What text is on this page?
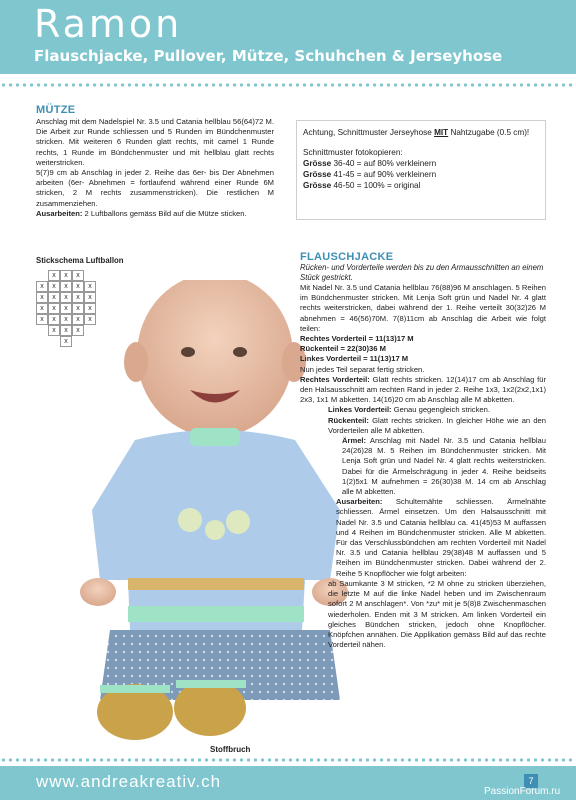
Ramon
Flauschjacke, Pullover, Mütze, Schuhchen & Jerseyhose
MÜTZE
Anschlag mit dem Nadelspiel Nr. 3.5 und Catania hellblau 56(64)72 M. Die Arbeit zur Runde schliessen und 5 Runden im Bündchenmuster stricken. Mit weiteren 6 Runden glatt rechts, mit camel 1 Runde rechts, 1 Runde im Bündchenmuster und mit hellblau glatt rechts weiterstricken.
5(7)9 cm ab Anschlag in jeder 2. Reihe das 6er- bis Der Abnehmen arbeiten (6er- Abnehmen = fortlaufend während einer Runde 6M stricken, 2 M rechts zusammenstricken). Die restlichen M zusammenziehen.
Ausarbeiten: 2 Luftballons gemäss Bild auf die Mütze sticken.
Achtung, Schnittmuster Jerseyhose MIT Nahtzugabe (0.5 cm)!
Schnittmuster fotokopieren:
Grösse 36-40 = auf 80% verkleinern
Grösse 41-45 = auf 90% verkleinern
Grösse 46-50 = 100% = original
Stickschema Luftballon
x	x	x
x	x	x	x	x
x	x	x	x	x
x	x	x	x	x
x	x	x	x	x
x	x	x
x
FLAUSCHJACKE
Rücken- und Vorderteile werden bis zu den Armausschnitten an einem Stück gestrickt.
Mit Nadel Nr. 3.5 und Catania hellblau 76(88)96 M anschlagen. 5 Reihen im Bündchenmuster stricken. Mit Lenja Soft grün und Nadel Nr. 4 glatt rechts weiterstricken, dabei während der 1. Reihe verteilt 30(32)26 M abnehmen = 46(56)70M. 7(8)11cm ab Anschlag die Arbeit wie folgt teilen:
Rechtes Vorderteil = 11(13)17 M
Rückenteil = 22(30)36 M
Linkes Vorderteil = 11(13)17 M
Nun jedes Teil separat fertig stricken.
Rechtes Vorderteil: Glatt rechts stricken. 12(14)17 cm ab Anschlag für den Halsausschnitt am rechten Rand in jeder 2. Reihe 1x3, 1x2(2x2,1x1) 2x3, 1x1 M abketten. 14(16)20 cm ab Anschlag alle M abketten.
Linkes Vorderteil: Genau gegengleich stricken.
Rückenteil: Glatt rechts stricken. In gleicher Höhe wie an den Vorderteilen alle M abketten.
Ärmel: Anschlag mit Nadel Nr. 3.5 und Catania hellblau 24(26)28 M. 5 Reihen im Bündchenmuster stricken. Mit Lenja Soft grün und Nadel Nr. 4 glatt rechts weiterstricken. Dabei für die Ärmelschrägung in jeder 4. Reihe beidseits 1(2)5x1 M aufnehmen = 26(30)38 M. 14 cm ab Anschlag alle M abketten.
Ausarbeiten: Schulternähte schliessen. Ärmelnähte schliessen. Ärmel einsetzen. Um den Halsausschnitt mit Nadel Nr. 3.5 und Catania hellblau ca. 41(45)53 M auffassen und 4 Reihen im Bündchenmuster stricken. Alle M abketten. Für das Verschlussbündchen am rechten Vorderteil mit Nadel Nr. 3.5 und Catania hellblau 29(38)48 M auffassen und 5 Reihen im Bündchenmuster stricken. Dabei während der 2. Reihe 5 Knopflöcher wie folgt arbeiten:
ab Saumkante 3 M stricken, *2 M ohne zu stricken überziehen, die letzte M auf die linke Nadel heben und im Zwischenraum sofort 2 M anschlagen*. Von *zu* mit je 5(8)8 Zwischenmaschen wiederholen. Enden mit 3 M stricken. Am linken Vorderteil ein gleiches Bündchen stricken, jedoch ohne Knopflöcher. Knöpfchen annähen. Die Applikation gemäss Bild auf das rechte Vorderteil nähen.
Stoffbruch
www.andreakreativ.ch	7
PassionForum.ru
